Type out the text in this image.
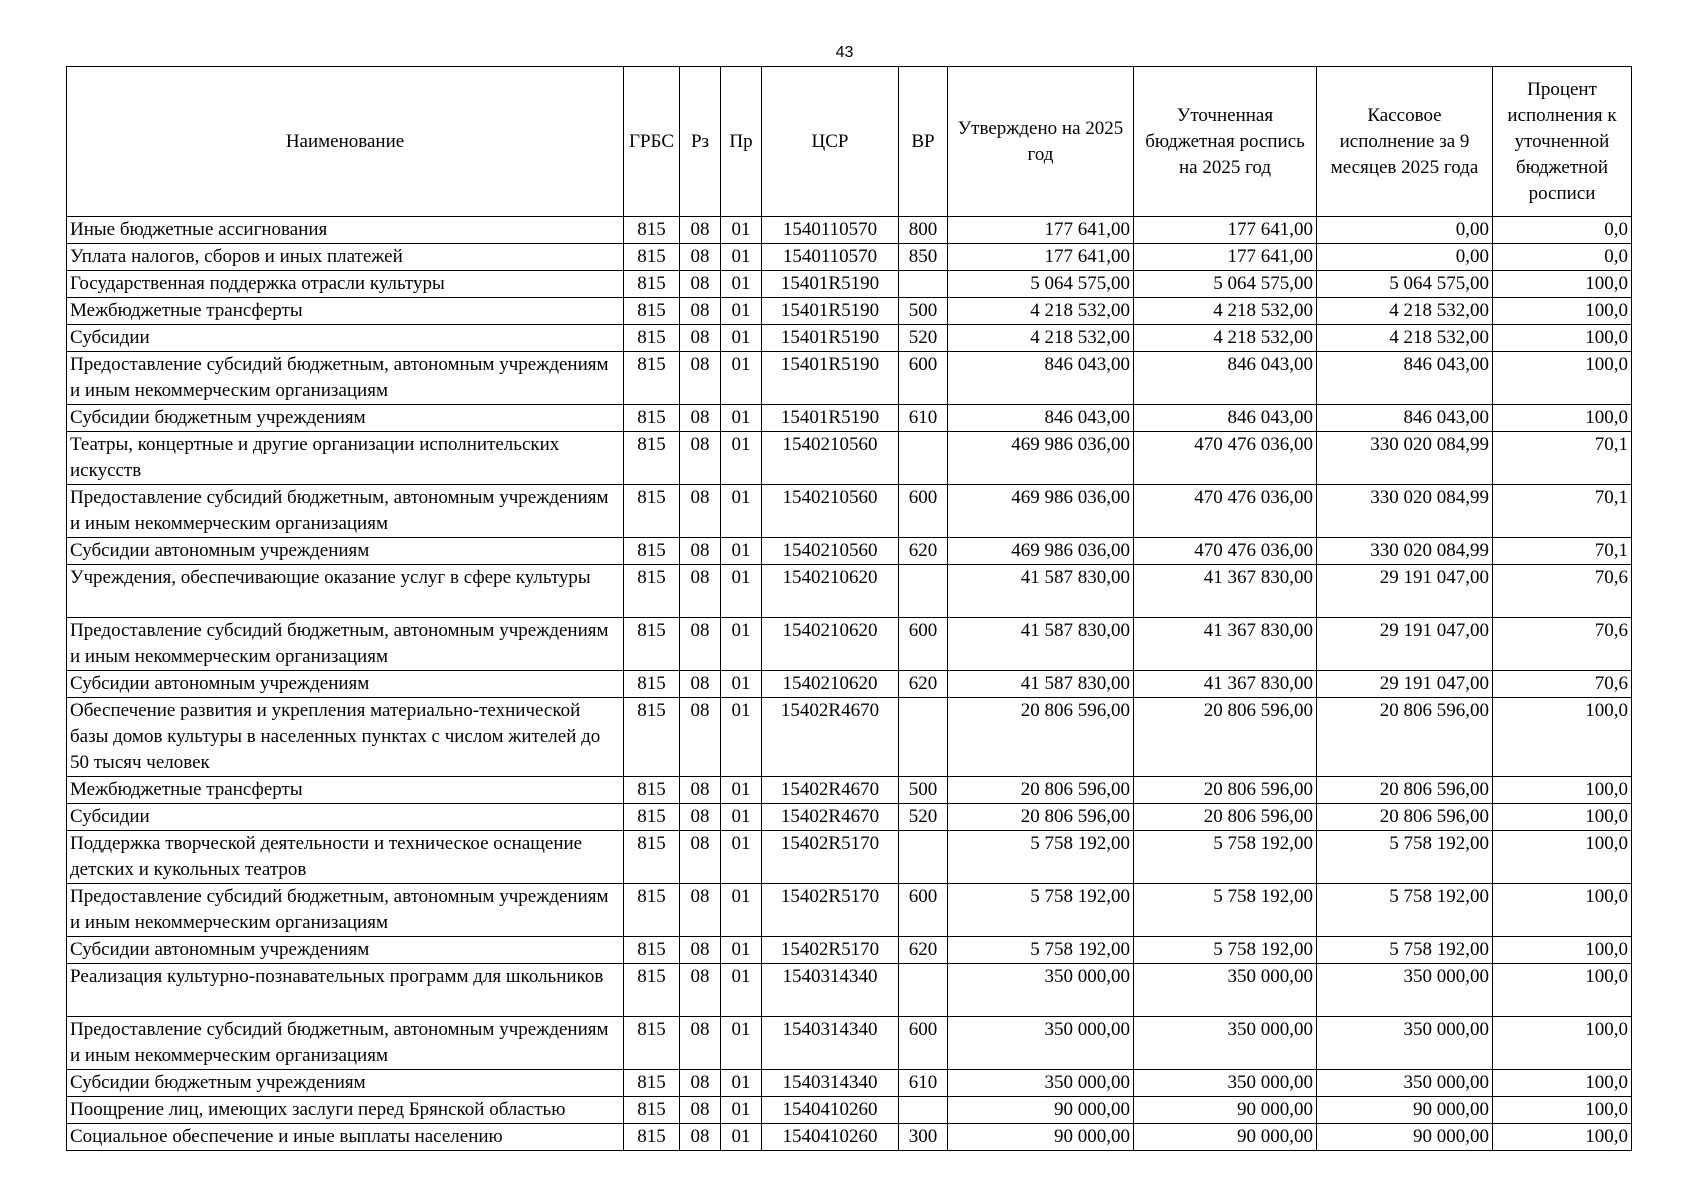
43
Наименование	ГРБС	Рз	Пр	ЦСР	ВР	Утверждено на 2025 год	Уточненная бюджетная роспись на 2025 год	Кассовое исполнение за 9 месяцев 2025 года	Процент исполнения к уточненной бюджетной росписи
Иные бюджетные ассигнования	815	08	01	1540110570	800	177 641,00	177 641,00	0,00	0,0
Уплата налогов, сборов и иных платежей	815	08	01	1540110570	850	177 641,00	177 641,00	0,00	0,0
Государственная поддержка отрасли культуры	815	08	01	15401R5190		5 064 575,00	5 064 575,00	5 064 575,00	100,0
Межбюджетные трансферты	815	08	01	15401R5190	500	4 218 532,00	4 218 532,00	4 218 532,00	100,0
Субсидии	815	08	01	15401R5190	520	4 218 532,00	4 218 532,00	4 218 532,00	100,0
Предоставление субсидий бюджетным, автономным учреждениям и иным некоммерческим организациям	815	08	01	15401R5190	600	846 043,00	846 043,00	846 043,00	100,0
Субсидии бюджетным учреждениям	815	08	01	15401R5190	610	846 043,00	846 043,00	846 043,00	100,0
Театры, концертные и другие организации исполнительских искусств	815	08	01	1540210560		469 986 036,00	470 476 036,00	330 020 084,99	70,1
Предоставление субсидий бюджетным, автономным учреждениям и иным некоммерческим организациям	815	08	01	1540210560	600	469 986 036,00	470 476 036,00	330 020 084,99	70,1
Субсидии автономным учреждениям	815	08	01	1540210560	620	469 986 036,00	470 476 036,00	330 020 084,99	70,1
Учреждения, обеспечивающие оказание услуг в сфере культуры	815	08	01	1540210620		41 587 830,00	41 367 830,00	29 191 047,00	70,6
Предоставление субсидий бюджетным, автономным учреждениям и иным некоммерческим организациям	815	08	01	1540210620	600	41 587 830,00	41 367 830,00	29 191 047,00	70,6
Субсидии автономным учреждениям	815	08	01	1540210620	620	41 587 830,00	41 367 830,00	29 191 047,00	70,6
Обеспечение развития и укрепления материально-технической базы домов культуры в населенных пунктах с числом жителей до 50 тысяч человек	815	08	01	15402R4670		20 806 596,00	20 806 596,00	20 806 596,00	100,0
Межбюджетные трансферты	815	08	01	15402R4670	500	20 806 596,00	20 806 596,00	20 806 596,00	100,0
Субсидии	815	08	01	15402R4670	520	20 806 596,00	20 806 596,00	20 806 596,00	100,0
Поддержка творческой деятельности и техническое оснащение детских и кукольных театров	815	08	01	15402R5170		5 758 192,00	5 758 192,00	5 758 192,00	100,0
Предоставление субсидий бюджетным, автономным учреждениям и иным некоммерческим организациям	815	08	01	15402R5170	600	5 758 192,00	5 758 192,00	5 758 192,00	100,0
Субсидии автономным учреждениям	815	08	01	15402R5170	620	5 758 192,00	5 758 192,00	5 758 192,00	100,0
Реализация культурно-познавательных программ для школьников	815	08	01	1540314340		350 000,00	350 000,00	350 000,00	100,0
Предоставление субсидий бюджетным, автономным учреждениям и иным некоммерческим организациям	815	08	01	1540314340	600	350 000,00	350 000,00	350 000,00	100,0
Субсидии бюджетным учреждениям	815	08	01	1540314340	610	350 000,00	350 000,00	350 000,00	100,0
Поощрение лиц, имеющих заслуги перед Брянской областью	815	08	01	1540410260		90 000,00	90 000,00	90 000,00	100,0
Социальное обеспечение и иные выплаты населению	815	08	01	1540410260	300	90 000,00	90 000,00	90 000,00	100,0
